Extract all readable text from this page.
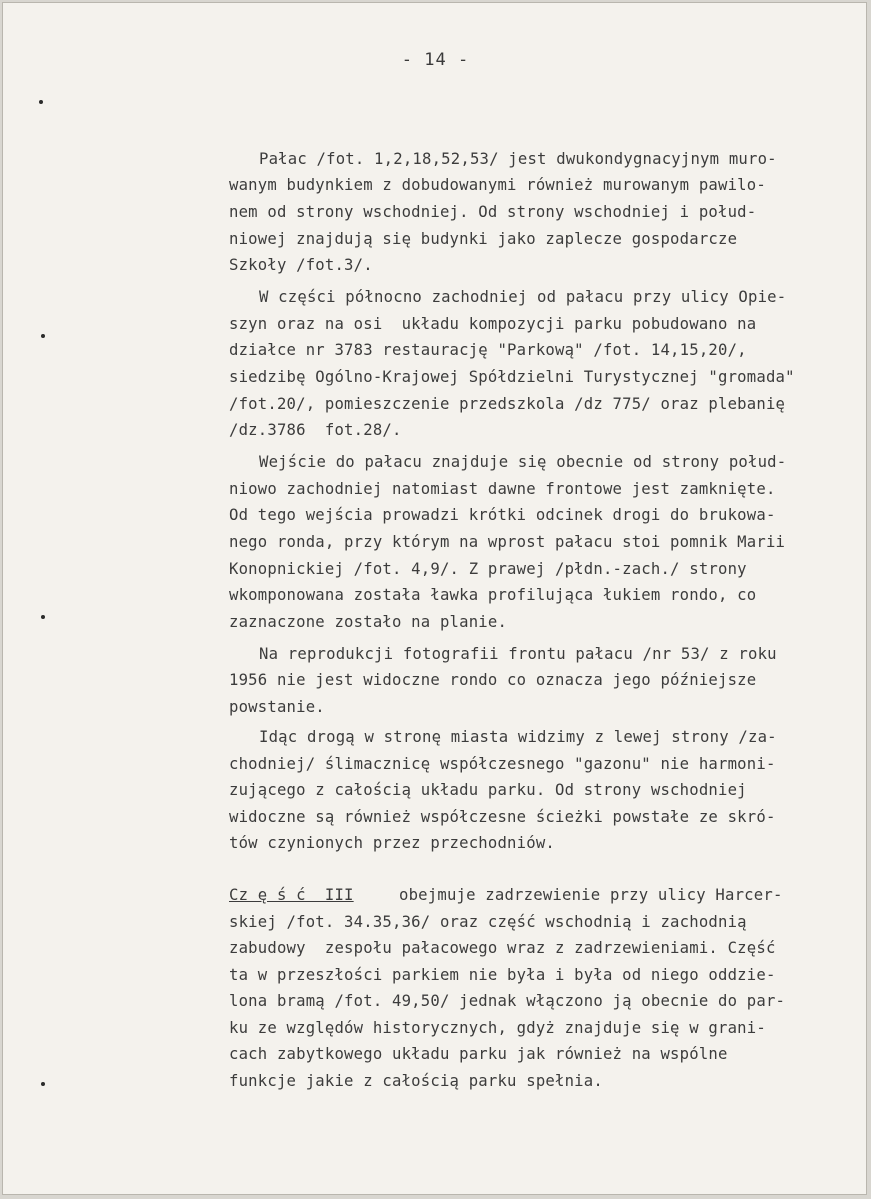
- 14 -
Pałac /fot. 1,2,18,52,53/ jest dwukondygnacyjnym muro-
wanym budynkiem z dobudowanymi również murowanym pawilo-
nem od strony wschodniej. Od strony wschodniej i połud-
niowej znajdują się budynki jako zaplecze gospodarcze
Szkoły /fot.3/.
W części północno zachodniej od pałacu przy ulicy Opie-
szyn oraz na osi  układu kompozycji parku pobudowano na
działce nr 3783 restaurację "Parkową" /fot. 14,15,20/,
siedzibę Ogólno-Krajowej Spółdzielni Turystycznej "gromada"
/fot.20/, pomieszczenie przedszkola /dz 775/ oraz plebanię
/dz.3786  fot.28/.
Wejście do pałacu znajduje się obecnie od strony połud-
niowo zachodniej natomiast dawne frontowe jest zamknięte.
Od tego wejścia prowadzi krótki odcinek drogi do brukowa-
nego ronda, przy którym na wprost pałacu stoi pomnik Marii
Konopnickiej /fot. 4,9/. Z prawej /płdn.-zach./ strony
wkomponowana została ławka profilująca łukiem rondo, co
zaznaczone zostało na planie.
Na reprodukcji fotografii frontu pałacu /nr 53/ z roku
1956 nie jest widoczne rondo co oznacza jego późniejsze
powstanie.
Idąc drogą w stronę miasta widzimy z lewej strony /za-
chodniej/ ślimacznicę współczesnego "gazonu" nie harmoni-
zującego z całością układu parku. Od strony wschodniej
widoczne są również współczesne ścieżki powstałe ze skró-
tów czynionych przez przechodniów.
Cz ę ś ć  III	obejmuje zadrzewienie przy ulicy Harcer-
skiej /fot. 34.35,36/ oraz część wschodnią i zachodnią
zabudowy  zespołu pałacowego wraz z zadrzewieniami. Część
ta w przeszłości parkiem nie była i była od niego oddzie-
lona bramą /fot. 49,50/ jednak włączono ją obecnie do par-
ku ze względów historycznych, gdyż znajduje się w grani-
cach zabytkowego układu parku jak również na wspólne
funkcje jakie z całością parku spełnia.
